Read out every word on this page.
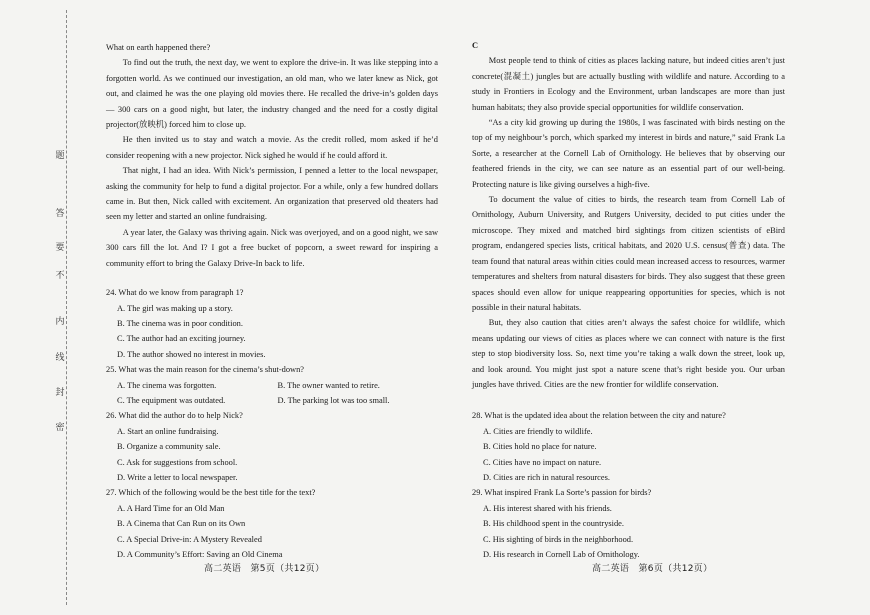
题
答
要
不
内
线
封
密

What on earth happened there?

To find out the truth, the next day, we went to explore the drive-in. It was like stepping into a forgotten world. As we continued our investigation, an old man, who we later knew as Nick, got out, and claimed he was the one playing old movies there. He recalled the drive-in’s golden days — 300 cars on a good night, but later, the industry changed and the need for a costly digital projector(放映机) forced him to close up.

He then invited us to stay and watch a movie. As the credit rolled, mom asked if he’d consider reopening with a new projector. Nick sighed he would if he could afford it.

That night, I had an idea. With Nick’s permission, I penned a letter to the local newspaper, asking the community for help to fund a digital projector. For a while, only a few hundred dollars came in. But then, Nick called with excitement. An organization that preserved old theaters had seen my letter and started an online fundraising.

A year later, the Galaxy was thriving again. Nick was overjoyed, and on a good night, we saw 300 cars fill the lot. And I? I got a free bucket of popcorn, a sweet reward for inspiring a community effort to bring the Galaxy Drive-In back to life.

24. What do we know from paragraph 1?

A. The girl was making up a story.

B. The cinema was in poor condition.

C. The author had an exciting journey.

D. The author showed no interest in movies.

25. What was the main reason for the cinema’s shut-down?

A. The cinema was forgotten.	B. The owner wanted to retire.
C. The equipment was outdated.	D. The parking lot was too small.

26. What did the author do to help Nick?

A. Start an online fundraising.

B. Organize a community sale.

C. Ask for suggestions from school.

D. Write a letter to local newspaper.

27. Which of the following would be the best title for the text?

A. A Hard Time for an Old Man

B. A Cinema that Can Run on its Own

C. A Special Drive-in: A Mystery Revealed

D. A Community’s Effort: Saving an Old Cinema

高二英语　第5页（共12页）

C

Most people tend to think of cities as places lacking nature, but indeed cities aren’t just concrete(混凝土) jungles but are actually bustling with wildlife and nature. According to a study in Frontiers in Ecology and the Environment, urban landscapes are more than just human habitats; they also provide special opportunities for wildlife conservation.

“As a city kid growing up during the 1980s, I was fascinated with birds nesting on the top of my neighbour’s porch, which sparked my interest in birds and nature,” said Frank La Sorte, a researcher at the Cornell Lab of Ornithology. He believes that by observing our feathered friends in the city, we can see nature as an essential part of our well-being. Protecting nature is like giving ourselves a high-five.

To document the value of cities to birds, the research team from Cornell Lab of Ornithology, Auburn University, and Rutgers University, decided to put cities under the microscope. They mixed and matched bird sightings from citizen scientists of eBird program, endangered species lists, critical habitats, and 2020 U.S. census(普查) data. The team found that natural areas within cities could mean increased access to resources, warmer temperatures and shelters from natural disasters for birds. They also suggest that these green spaces should even allow for unique reappearing opportunities for species, which is not possible in their natural habitats.

But, they also caution that cities aren’t always the safest choice for wildlife, which means updating our views of cities as places where we can connect with nature is the first step to stop biodiversity loss. So, next time you’re taking a walk down the street, look up, and look around. You might just spot a nature scene that’s right beside you. Our urban jungles have thrived. Cities are the new frontier for wildlife conservation.

28. What is the updated idea about the relation between the city and nature?

A. Cities are friendly to wildlife.

B. Cities hold no place for nature.

C. Cities have no impact on nature.

D. Cities are rich in natural resources.

29. What inspired Frank La Sorte’s passion for birds?

A. His interest shared with his friends.

B. His childhood spent in the countryside.

C. His sighting of birds in the neighborhood.

D. His research in Cornell Lab of Ornithology.

高二英语　第6页（共12页）
